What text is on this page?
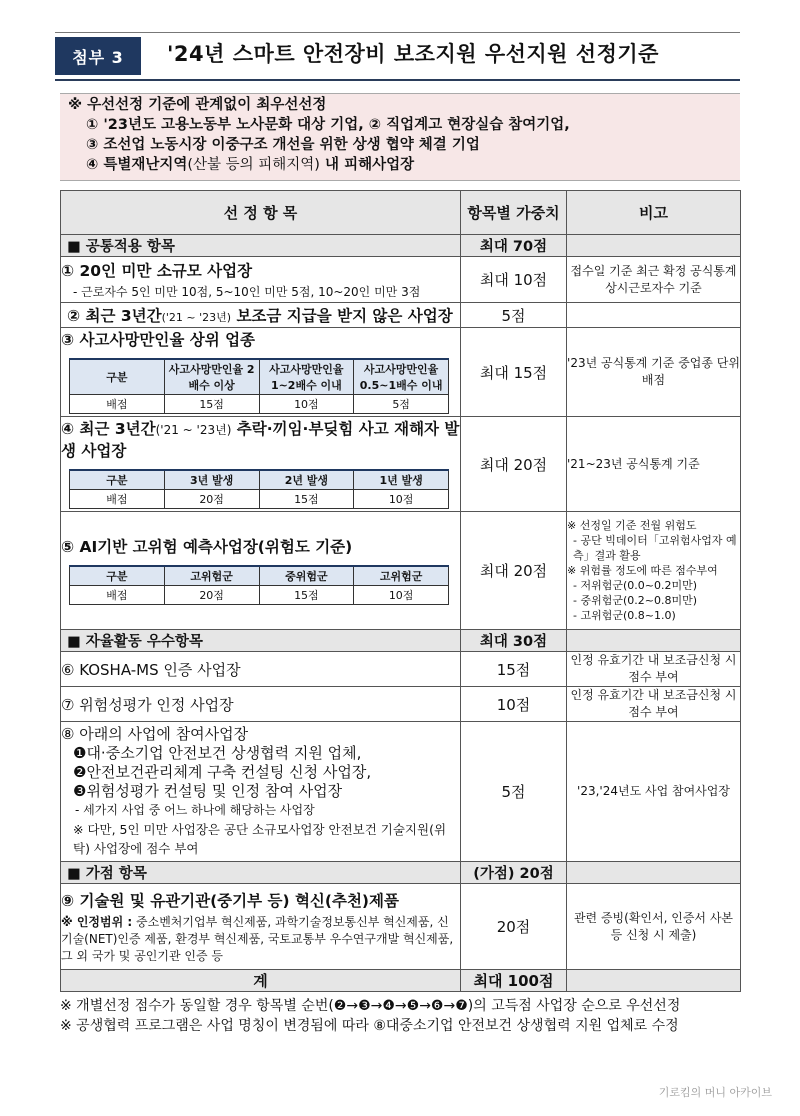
첨부 3	'24년 스마트 안전장비 보조지원 우선지원 선정기준
※ 우선선정 기준에 관계없이 최우선선정
① '23년도 고용노동부 노사문화 대상 기업, ② 직업계고 현장실습 참여기업,
③ 조선업 노동시장 이중구조 개선을 위한 상생 협약 체결 기업
④ 특별재난지역(산불 등의 피해지역) 내 피해사업장
선 정 항 목	항목별 가중치	비고
■ 공통적용 항목	최대 70점	

① 20인 미만 소규모 사업장
- 근로자수 5인 미만 10점, 5~10인 미만 5점, 10~20인 미만 3점
	최대 10점	접수일 기준 최근 확정 공식통계 상시근로자수 기준
② 최근 3년간('21 ~ '23년) 보조금 지급을 받지 않은 사업장	5점	

③ 사고사망만인율 상위 업종
구분	사고사망만인율 2배수 이상	사고사망만인율 1~2배수 이내	사고사망만인율 0.5~1배수 이내
배점	15점	10점	5점
	최대 15점	'23년 공식통계 기준 중업종 단위배점

④ 최근 3년간('21 ~ '23년) 추락·끼임·부딪힘 사고 재해자 발생 사업장
구분	3년 발생	2년 발생	1년 발생
배점	20점	15점	10점
	최대 20점	'21~23년 공식통계 기준

⑤ AI기반 고위험 예측사업장(위험도 기준)
구분	고위험군	중위험군	고위험군
배점	20점	15점	10점
	최대 20점	
※ 선정일 기준 전월 위험도
- 공단 빅데이터「고위험사업자 예측」결과 활용
※ 위험률 정도에 따른 점수부여
- 저위험군(0.0~0.2미만)
- 중위험군(0.2~0.8미만)
- 고위험군(0.8~1.0)

■ 자율활동 우수항목	최대 30점	
⑥ KOSHA-MS 인증 사업장	15점	인정 유효기간 내 보조금신청 시 점수 부여
⑦ 위험성평가 인정 사업장	10점	인정 유효기간 내 보조금신청 시 점수 부여

⑧ 아래의 사업에 참여사업장
❶대·중소기업 안전보건 상생협력 지원 업체,
❷안전보건관리체계 구축 컨설팅 신청 사업장,
❸위험성평가 컨설팅 및 인정 참여 사업장
- 세가지 사업 중 어느 하나에 해당하는 사업장
※ 다만, 5인 미만 사업장은 공단 소규모사업장 안전보건 기술지원(위탁) 사업장에 점수 부여
	5점	'23,'24년도 사업 참여사업장
■ 가점 항목	(가점) 20점	

⑨ 기술원 및 유관기관(중기부 등) 혁신(추천)제품
※ 인정범위 : 중소벤처기업부 혁신제품, 과학기술정보통신부 혁신제품, 신기술(NET)인증 제품, 환경부 혁신제품, 국토교통부 우수연구개발 혁신제품, 그 외 국가 및 공인기관 인증 등
	20점	관련 증빙(확인서, 인증서 사본 등 신청 시 제출)
계	최대 100점	
※ 개별선정 점수가 동일할 경우 항목별 순번(❷→❸→❹→❺→❻→❼)의 고득점 사업장 순으로 우선선정
※ 공생협력 프로그램은 사업 명칭이 변경됨에 따라 ⑧대중소기업 안전보건 상생협력 지원 업체로 수정
기로킴의 머니 아카이브
